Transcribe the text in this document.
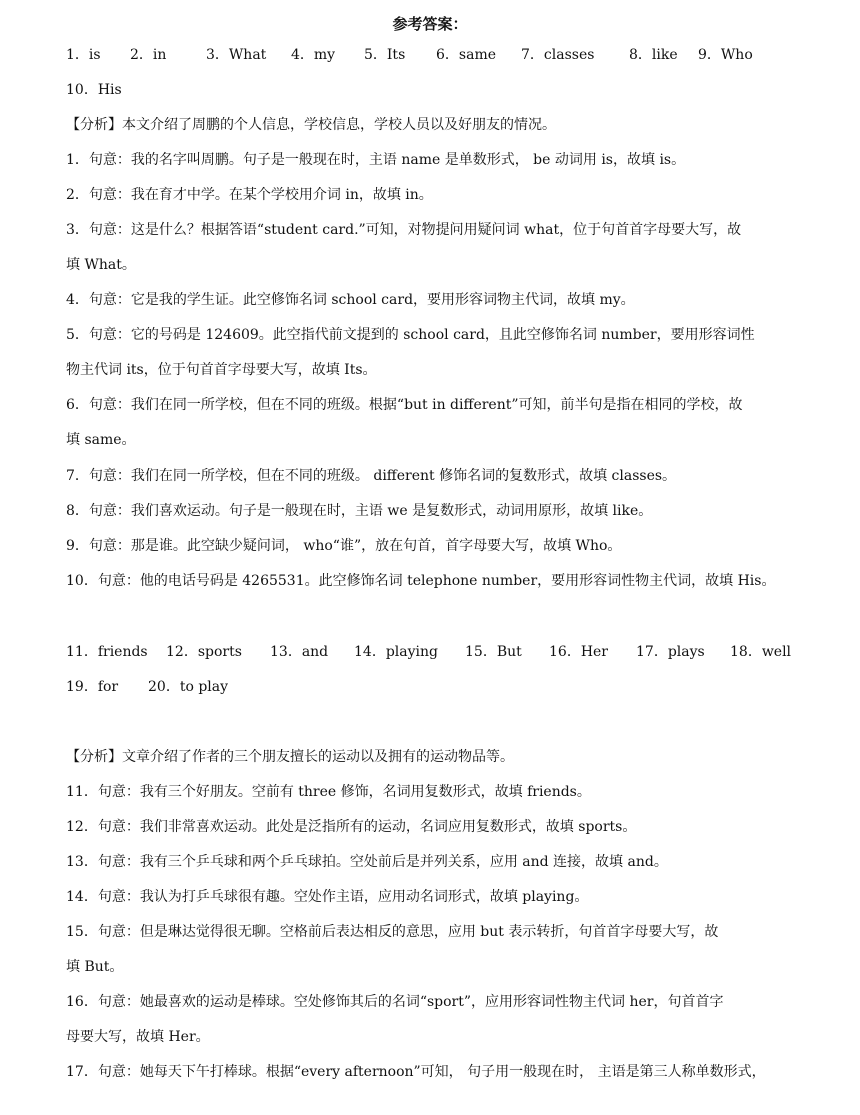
参考答案：
1．is 2．in	3．What 4．my 5．Its 6．same 7．classes 8．like 9．Who
10．His
【分析】本文介绍了周鹏的个人信息，学校信息，学校人员以及好朋友的情况。
1．句意：我的名字叫周鹏。句子是一般现在时，主语 name 是单数形式， be 动词用 is，故填 is。
2．句意：我在育才中学。在某个学校用介词 in，故填 in。
3．句意：这是什么？根据答语“student card.”可知，对物提问用疑问词 what，位于句首首字母要大写，故
填 What。
4．句意：它是我的学生证。此空修饰名词 school card，要用形容词物主代词，故填 my。
5．句意：它的号码是 124609。此空指代前文提到的 school card，且此空修饰名词 number，要用形容词性
物主代词 its，位于句首首字母要大写，故填 Its。
6．句意：我们在同一所学校，但在不同的班级。根据“but in different”可知，前半句是指在相同的学校，故
填 same。
7．句意：我们在同一所学校，但在不同的班级。 different 修饰名词的复数形式，故填 classes。
8．句意：我们喜欢运动。句子是一般现在时，主语 we 是复数形式，动词用原形，故填 like。
9．句意：那是谁。此空缺少疑问词， who“谁”，放在句首，首字母要大写，故填 Who。
10．句意：他的电话号码是 4265531。此空修饰名词 telephone number，要用形容词性物主代词，故填 His。
11．friends 12．sports 13．and 14．playing 15．But 16．Her 17．plays 18．well
19．for 20．to play
【分析】文章介绍了作者的三个朋友擅长的运动以及拥有的运动物品等。
11．句意：我有三个好朋友。空前有 three 修饰，名词用复数形式，故填 friends。
12．句意：我们非常喜欢运动。此处是泛指所有的运动，名词应用复数形式，故填 sports。
13．句意：我有三个乒乓球和两个乒乓球拍。空处前后是并列关系，应用 and 连接，故填 and。
14．句意：我认为打乒乓球很有趣。空处作主语，应用动名词形式，故填 playing。
15．句意：但是琳达觉得很无聊。空格前后表达相反的意思，应用 but 表示转折，句首首字母要大写，故
填 But。
16．句意：她最喜欢的运动是棒球。空处修饰其后的名词“sport”，应用形容词性物主代词 her，句首首字
母要大写，故填 Her。
17．句意：她每天下午打棒球。根据“every afternoon”可知， 句子用一般现在时， 主语是第三人称单数形式，
